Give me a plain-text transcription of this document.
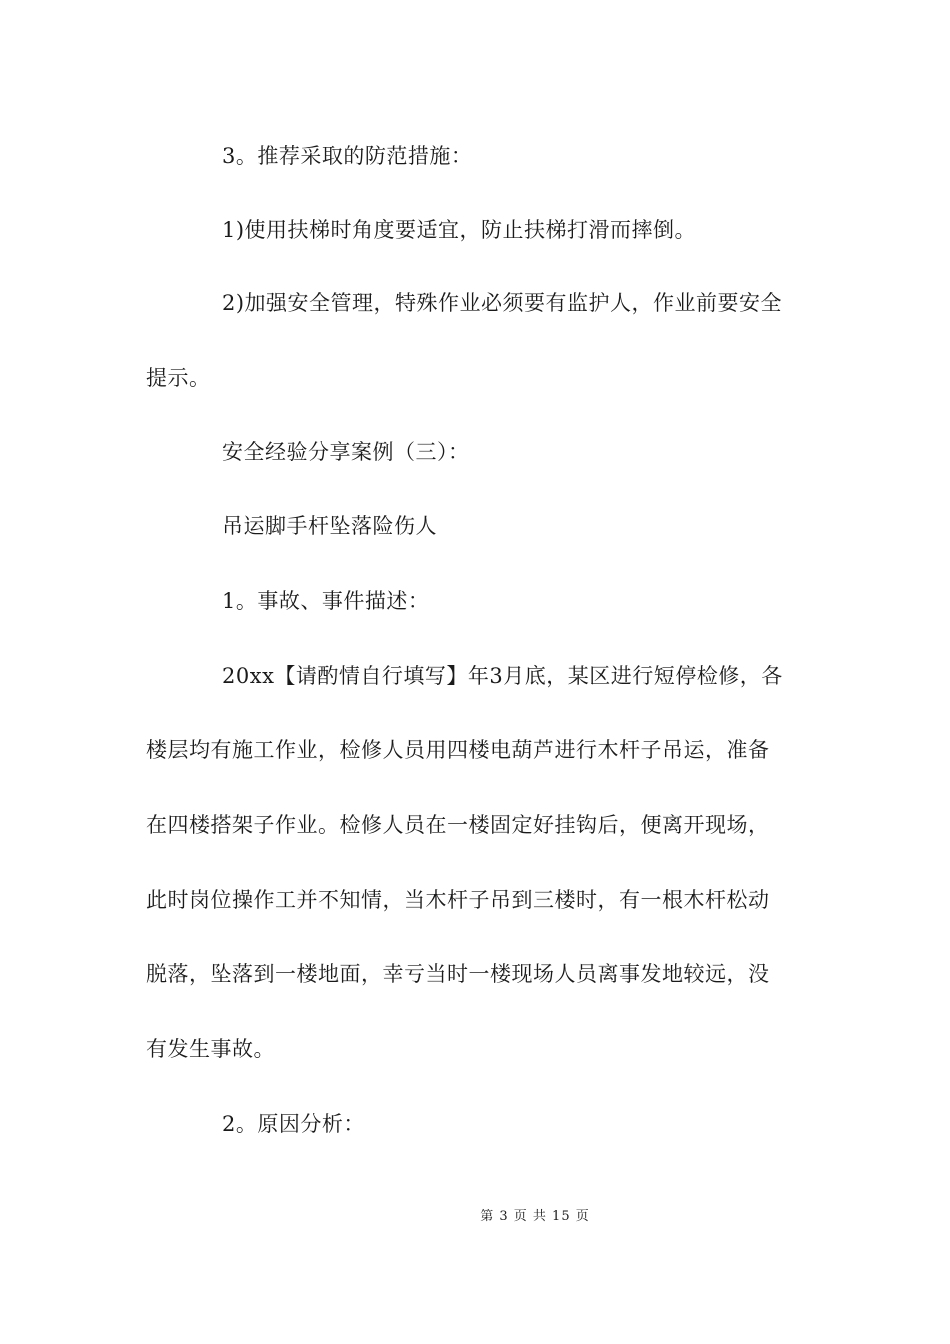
3。推荐采取的防范措施：
1)使用扶梯时角度要适宜，防止扶梯打滑而摔倒。
2)加强安全管理，特殊作业必须要有监护人，作业前要安全
提示。
安全经验分享案例（三）：
吊运脚手杆坠落险伤人
1。事故、事件描述：
20xx【请酌情自行填写】年3月底，某区进行短停检修，各
楼层均有施工作业，检修人员用四楼电葫芦进行木杆子吊运，准备
在四楼搭架子作业。检修人员在一楼固定好挂钩后，便离开现场，
此时岗位操作工并不知情，当木杆子吊到三楼时，有一根木杆松动
脱落，坠落到一楼地面，幸亏当时一楼现场人员离事发地较远，没
有发生事故。
2。原因分析：
第 3 页 共 15 页
